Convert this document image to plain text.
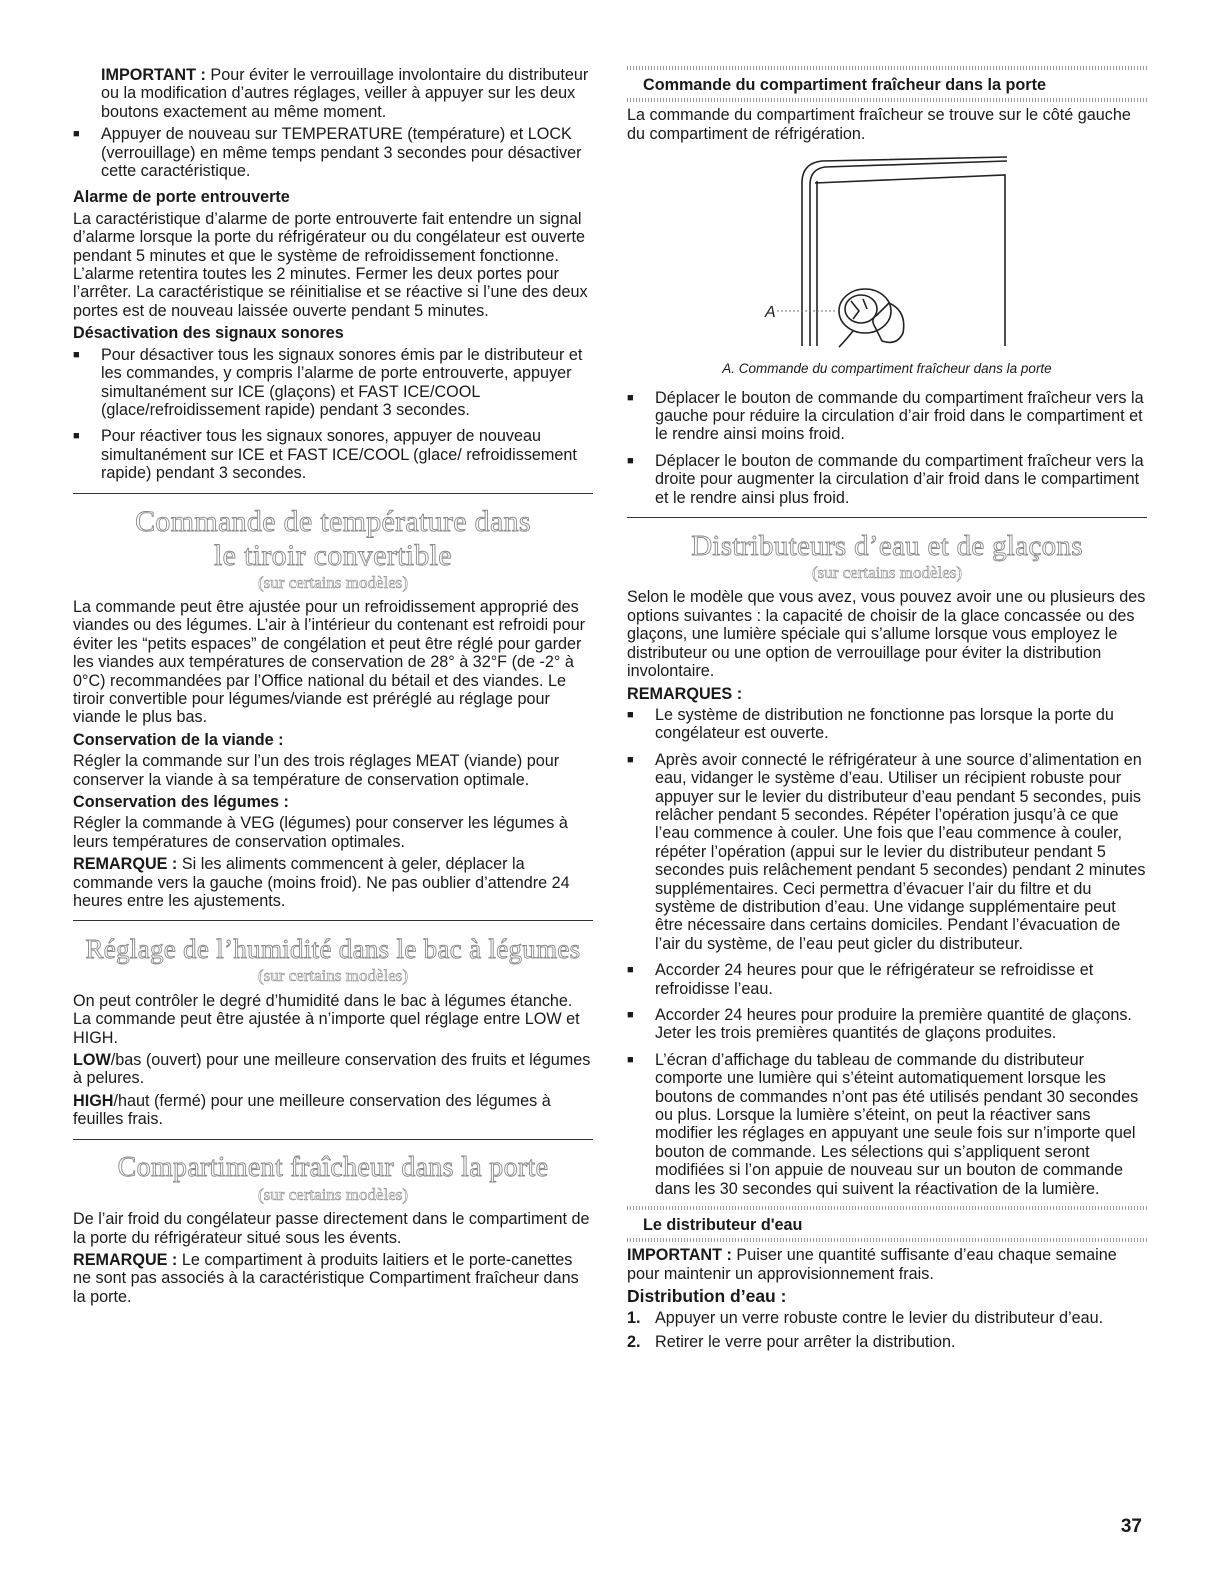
IMPORTANT : Pour éviter le verrouillage involontaire du distributeur ou la modification d’autres réglages, veiller à appuyer sur les deux boutons exactement au même moment.

■ Appuyer de nouveau sur TEMPERATURE (température) et LOCK (verrouillage) en même temps pendant 3 secondes pour désactiver cette caractéristique.
Alarme de porte entrouverte

La caractéristique d’alarme de porte entrouverte fait entendre un signal d’alarme lorsque la porte du réfrigérateur ou du congélateur est ouverte pendant 5 minutes et que le système de refroidissement fonctionne. L’alarme retentira toutes les 2 minutes. Fermer les deux portes pour l’arrêter. La caractéristique se réinitialise et se réactive si l’une des deux portes est de nouveau laissée ouverte pendant 5 minutes.

Désactivation des signaux sonores
■ Pour désactiver tous les signaux sonores émis par le distributeur et les commandes, y compris l’alarme de porte entrouverte, appuyer simultanément sur ICE (glaçons) et FAST ICE/COOL (glace/refroidissement rapide) pendant 3 secondes.
■ Pour réactiver tous les signaux sonores, appuyer de nouveau simultanément sur ICE et FAST ICE/COOL (glace/ refroidissement rapide) pendant 3 secondes.
Commande de température dans
le tiroir convertible
(sur certains modèles)

La commande peut être ajustée pour un refroidissement approprié des viandes ou des légumes. L’air à l’intérieur du contenant est refroidi pour éviter les “petits espaces” de congélation et peut être réglé pour garder les viandes aux températures de conservation de 28° à 32°F (de -2° à 0°C) recommandées par l’Office national du bétail et des viandes. Le tiroir convertible pour légumes/viande est préréglé au réglage pour viande le plus bas.

Conservation de la viande :

Régler la commande sur l’un des trois réglages MEAT (viande) pour conserver la viande à sa température de conservation optimale.

Conservation des légumes :

Régler la commande à VEG (légumes) pour conserver les légumes à leurs températures de conservation optimales.

REMARQUE : Si les aliments commencent à geler, déplacer la commande vers la gauche (moins froid). Ne pas oublier d’attendre 24 heures entre les ajustements.

Réglage de l’humidité dans le bac à légumes
(sur certains modèles)

On peut contrôler le degré d’humidité dans le bac à légumes étanche. La commande peut être ajustée à n’importe quel réglage entre LOW et HIGH.

LOW/bas (ouvert) pour une meilleure conservation des fruits et légumes à pelures.

HIGH/haut (fermé) pour une meilleure conservation des légumes à feuilles frais.

Compartiment fraîcheur dans la porte
(sur certains modèles)

De l’air froid du congélateur passe directement dans le compartiment de la porte du réfrigérateur situé sous les évents.

REMARQUE : Le compartiment à produits laitiers et le porte-canettes ne sont pas associés à la caractéristique Compartiment fraîcheur dans la porte.

Commande du compartiment fraîcheur dans la porte

La commande du compartiment fraîcheur se trouve sur le côté gauche du compartiment de réfrigération.

A
A. Commande du compartiment fraîcheur dans la porte
■ Déplacer le bouton de commande du compartiment fraîcheur vers la gauche pour réduire la circulation d’air froid dans le compartiment et le rendre ainsi moins froid.
■ Déplacer le bouton de commande du compartiment fraîcheur vers la droite pour augmenter la circulation d’air froid dans le compartiment et le rendre ainsi plus froid.
Distributeurs d’eau et de glaçons
(sur certains modèles)

Selon le modèle que vous avez, vous pouvez avoir une ou plusieurs des options suivantes : la capacité de choisir de la glace concassée ou des glaçons, une lumière spéciale qui s’allume lorsque vous employez le distributeur ou une option de verrouillage pour éviter la distribution involontaire.

REMARQUES :
■ Le système de distribution ne fonctionne pas lorsque la porte du congélateur est ouverte.
■ Après avoir connecté le réfrigérateur à une source d’alimentation en eau, vidanger le système d’eau. Utiliser un récipient robuste pour appuyer sur le levier du distributeur d’eau pendant 5 secondes, puis relâcher pendant 5 secondes. Répéter l’opération jusqu’à ce que l’eau commence à couler. Une fois que l’eau commence à couler, répéter l’opération (appui sur le levier du distributeur pendant 5 secondes puis relâchement pendant 5 secondes) pendant 2 minutes supplémentaires. Ceci permettra d’évacuer l’air du filtre et du système de distribution d’eau. Une vidange supplémentaire peut être nécessaire dans certains domiciles. Pendant l’évacuation de l’air du système, de l’eau peut gicler du distributeur.
■ Accorder 24 heures pour que le réfrigérateur se refroidisse et refroidisse l’eau.
■ Accorder 24 heures pour produire la première quantité de glaçons. Jeter les trois premières quantités de glaçons produites.
■ L’écran d’affichage du tableau de commande du distributeur comporte une lumière qui s’éteint automatiquement lorsque les boutons de commandes n’ont pas été utilisés pendant 30 secondes ou plus. Lorsque la lumière s’éteint, on peut la réactiver sans modifier les réglages en appuyant une seule fois sur n’importe quel bouton de commande. Les sélections qui s’appliquent seront modifiées si l’on appuie de nouveau sur un bouton de commande dans les 30 secondes qui suivent la réactivation de la lumière.
Le distributeur d'eau

IMPORTANT : Puiser une quantité suffisante d’eau chaque semaine pour maintenir un approvisionnement frais.

Distribution d’eau :
1. Appuyer un verre robuste contre le levier du distributeur d’eau.
2. Retirer le verre pour arrêter la distribution.
37
